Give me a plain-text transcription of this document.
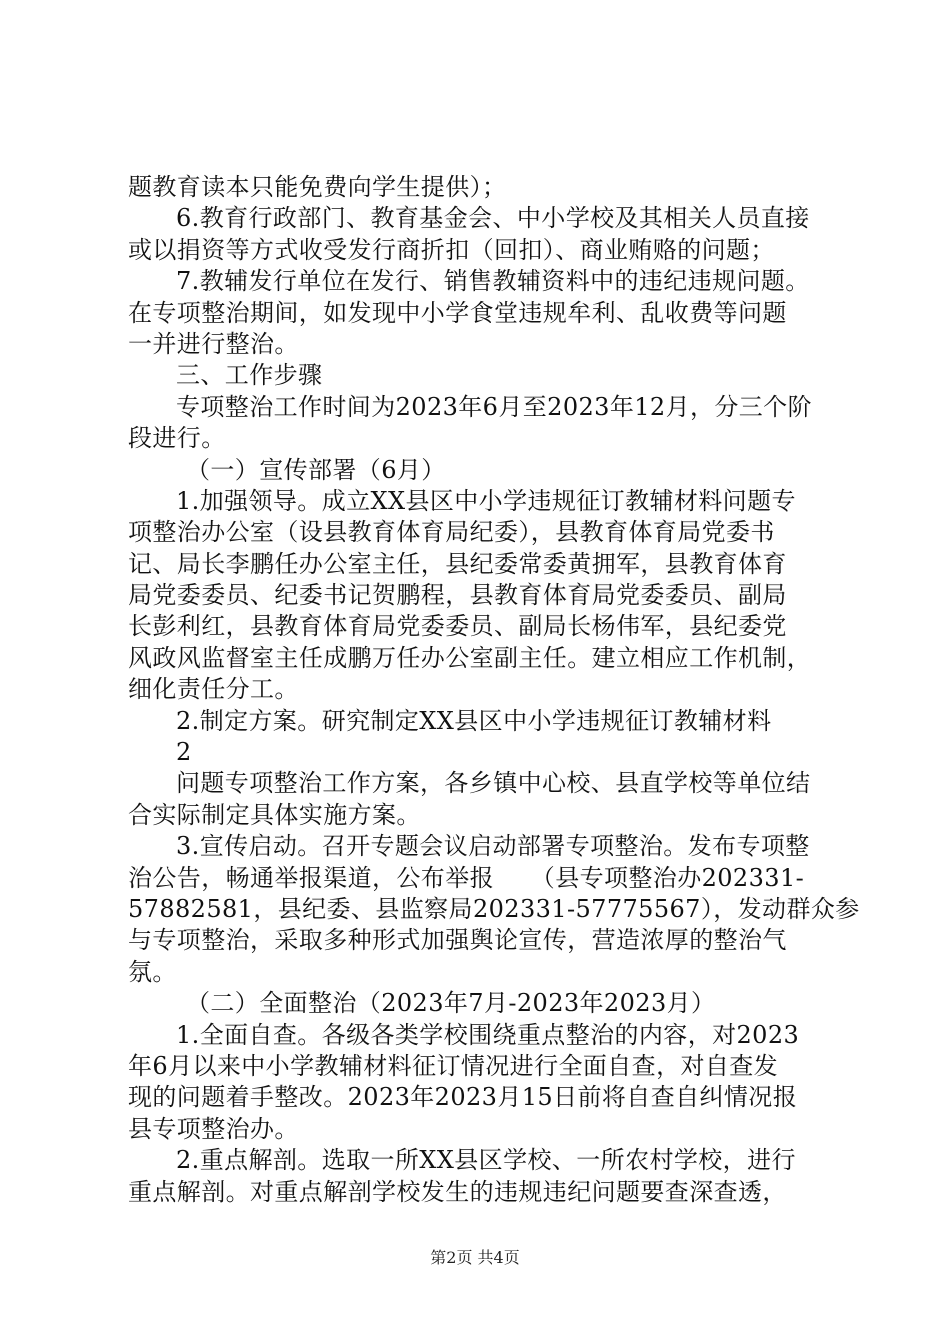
题教育读本只能免费向学生提供）；
6.教育行政部门、教育基金会、中小学校及其相关人员直接
或以捐资等方式收受发行商折扣（回扣）、商业贿赂的问题；
7.教辅发行单位在发行、销售教辅资料中的违纪违规问题。
在专项整治期间，如发现中小学食堂违规牟利、乱收费等问题
一并进行整治。
三、工作步骤
专项整治工作时间为2023年6月至2023年12月，分三个阶
段进行。
（一）宣传部署（6月）
1.加强领导。成立XX县区中小学违规征订教辅材料问题专
项整治办公室（设县教育体育局纪委），县教育体育局党委书
记、局长李鹏任办公室主任，县纪委常委黄拥军，县教育体育
局党委委员、纪委书记贺鹏程，县教育体育局党委委员、副局
长彭利红，县教育体育局党委委员、副局长杨伟军，县纪委党
风政风监督室主任成鹏万任办公室副主任。建立相应工作机制，
细化责任分工。
2.制定方案。研究制定XX县区中小学违规征订教辅材料
2
问题专项整治工作方案，各乡镇中心校、县直学校等单位结
合实际制定具体实施方案。
3.宣传启动。召开专题会议启动部署专项整治。发布专项整
治公告，畅通举报渠道，公布举报　　（县专项整治办202331-
57882581，县纪委、县监察局202331-57775567），发动群众参
与专项整治，采取多种形式加强舆论宣传，营造浓厚的整治气
氛。
（二）全面整治（2023年7月-2023年2023月）
1.全面自查。各级各类学校围绕重点整治的内容，对2023
年6月以来中小学教辅材料征订情况进行全面自查，对自查发
现的问题着手整改。2023年2023月15日前将自查自纠情况报
县专项整治办。
2.重点解剖。选取一所XX县区学校、一所农村学校，进行
重点解剖。对重点解剖学校发生的违规违纪问题要查深查透，
第2页 共4页
